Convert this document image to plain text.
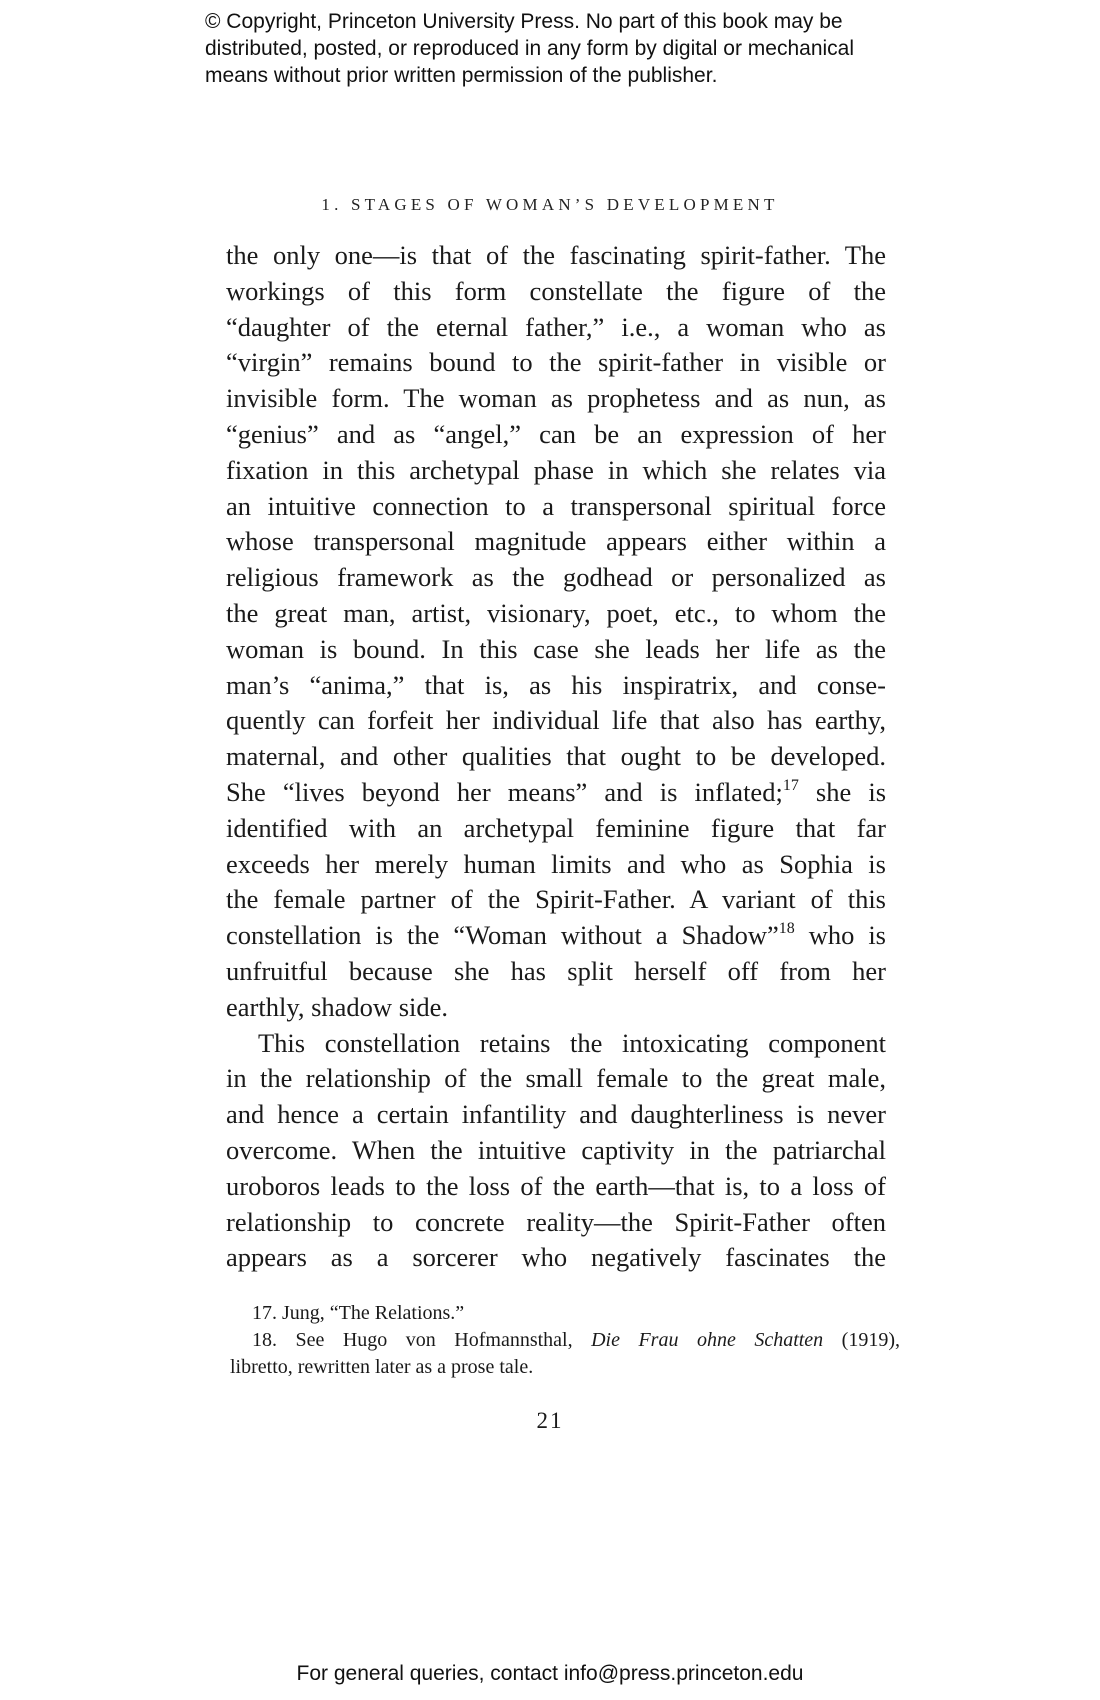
© Copyright, Princeton University Press. No part of this book may be
distributed, posted, or reproduced in any form by digital or mechanical
means without prior written permission of the publisher.
1. STAGES OF WOMAN’S DEVELOPMENT
the only one—is that of the fascinating spirit-father. The
workings of this form constellate the figure of the
“daughter of the eternal father,” i.e., a woman who as
“virgin” remains bound to the spirit-father in visible or
invisible form. The woman as prophetess and as nun, as
“genius” and as “angel,” can be an expression of her
fixation in this archetypal phase in which she relates via
an intuitive connection to a transpersonal spiritual force
whose transpersonal magnitude appears either within a
religious framework as the godhead or personalized as
the great man, artist, visionary, poet, etc., to whom the
woman is bound. In this case she leads her life as the
man’s “anima,” that is, as his inspiratrix, and conse-
quently can forfeit her individual life that also has earthy,
maternal, and other qualities that ought to be developed.
She “lives beyond her means” and is inflated;$^{17}$ she is
identified with an archetypal feminine figure that far
exceeds her merely human limits and who as Sophia is
the female partner of the Spirit-Father. A variant of this
constellation is the “Woman without a Shadow”$^{18}$ who is
unfruitful because she has split herself off from her
earthly, shadow side.
This constellation retains the intoxicating component
in the relationship of the small female to the great male,
and hence a certain infantility and daughterliness is never
overcome. When the intuitive captivity in the patriarchal
uroboros leads to the loss of the earth—that is, to a loss of
relationship to concrete reality—the Spirit-Father often
appears as a sorcerer who negatively fascinates the
17. Jung, “The Relations.”
18. See Hugo von Hofmannsthal, Die Frau ohne Schatten (1919),
libretto, rewritten later as a prose tale.
21
For general queries, contact info@press.princeton.edu
